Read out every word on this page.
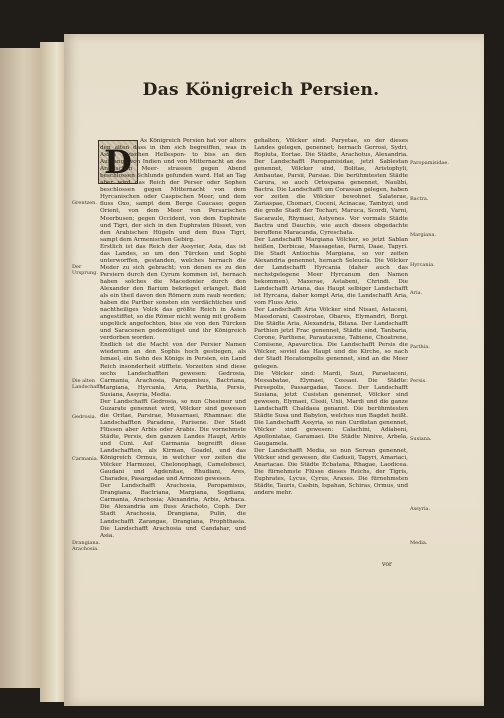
Das Königreich Persien.
D

As Königreich Persien hat vor alters den alten dass in ihm sich begreiffen, was in Asien zwischen Hellespon- to biss an den Aufgange von Indien und von Mitternacht an des Arabischen Meer- strassen gegen Abend beschlossen Schlunds gefunden ward. Hat an Tag aber wird das Reich der Perser oder Sophen beschlossen gegen Mitternacht von dem Hyrcanischen oder Caspischen Meer, und dem fluss Oxo, sampt dem Berge Caucaso; gegen Orient, von dem Meer von Persarischen Meerbusen; gegen Occident, von dem Euphrate und Tigri, der sich in den Euphraten flüsset, von den Arabischen Hügeln und dem fluss Tigri, sampt dem Armenischen Gebirg.

Erstlich ist das Reich der Assyrier, Asia, das ist das Landes, so um den Türcken und Sophi unterworffen, gestanden, welches hernach die Meder zu sich gebracht; von denen es zu den Persiern durch den Cyrum kommen ist, hernach haben solches die Macedonier durch den Alexander den Barium bekrieget erlanget. Bald als ein theil davon den Römern zum raub worden; haben die Parther sonsten ein verdächtiches und nachtheiliges Volck das größte Reich in Asien angestifftet, so die Römer nicht wenig mit großem ungelück angefochten, biss sie von den Türcken und Saracenen gedemütiget und ihr Königreich verdorben worden.

Endlich ist die Macht von der Persier Namen wiederum an den Sophis hoch gestiegen, als Ismael, ein Sohn des Königs in Persien, ein Land Reich insonderheit stifftete. Vorzeiten sind diese sechs Landschafften gewesen: Gedrosia, Carmania, Arachosia, Paropamisus, Bactriana, Margiana, Hyrcania, Aria, Parthia, Persis, Susiana, Assyria, Media.

Der Landschafft Gedrosia, so nun Chesimur und Guzarate genennet wird, Völcker sind gewesen die Oritae, Parsirae, Musarnaei, Rhamnae: die Landschafften Paradene, Parisene. Der Stadt Flüssen aber Arbis oder Arabis. Die vornehmste Städte, Persis, den ganzen Landes Haupt, Arbis und Cuni. Auf Carmania begreifft diese Landschafften, als Kirman, Goadel, und das Königreich Ormus, in welcher vor zeiten die Völcker Harmozei, Chelonophagi, Camelobosci, Gaudani und Agdenitae, Rhudiani, Ares, Charades, Pasargadae und Armozei gewesen.

Der Landschafft Arachosia, Paropamisus, Drangiana, Bactriana, Margiana, Sogdiana, Carmania, Arachosia; Alexandria, Arbis, Arbaca. Die Alexandria am fluss Arachoto, Coph. Der Stadt Arachosia, Drangiana, Pulin, die Landschafft Zarangae, Drangiana, Prophthasia. Die Landschafft Arachosia und Candahar, und Asia.

gehalten, Völcker sind: Paryetae, so der dieses Landes gelegen, genennet; hernach Gerrosi, Sydri, Ropluta, Eortae. Die Städte, Arachotus, Alexandria. Der Landschafft Paropamisidae, jetzt Sablestan genennet, Völcker sind, Bolitae, Aristophyli, Ambautae, Parsii, Parsiae. Die berühmtesten Städte Carura, so auch Ortospana genennet, Naulibi, Bactra. Die Landschafft um Corassan gelegen, haben vor zeiten die Völcker bewohnet Salaterae, Zariaspae, Chomari, Coceni, Acinacae, Tambyzi, und die große Stadt der Tochari, Maruca, Scordi, Varni, Sacaraule, Rhymaei, Astyenes. Vor vormals Städte Bactra und Dauchis, wie auch dieses obgedachte beruffene Maracanda, Cyreschata.

Der Landschafft Margiana Völcker, so jetzt Sablan heißen, Derbicae, Massagetae, Parni, Daae, Tapyri. Die Stadt Antiochia Margiana, so vor zeiten Alexandria genennet, hernach Seleucia. Die Völcker der Landschafft Hyrcania (daher auch das nechstgelegene Meer Hyrcanum den Namen bekommen), Maxerae, Astabeni, Chrindi. Die Landschafft Ariana, das Haupt selbiger Landschafft ist Hyrcana, daher kompt Aria, die Landschafft Aria, vom Fluss Ario.

Der Landschafft Aria Völcker sind Nisaei, Astaceni, Massdorani, Cassirotae, Obares, Elymandri, Borgi. Die Städte Aria, Alexandria, Bitaxa. Der Landschafft Parthien jetzt Frac genennet, Städte sind, Tanbaria, Corone, Parthene, Parautacene, Tabiene, Choatrene, Comisene, Apavarctica. Die Landschafft Persis die Völcker, soviel das Haupt und die Kirche, so nach der Stadt Hecatompolis genennet, sind an die Meer gelegen.

Die Völcker sind: Mardi, Suzi, Paraetaceni, Messabatae, Elymaei, Cossaei. Die Städte: Persepolis, Passargadae, Taoce. Der Landschafft Susiana, jetzt Cusistan genennet, Völcker sind gewesen, Elymaei, Cissii, Uxii, Mardi und die ganze Landschafft Chaldaea genannt. Die berühmtesten Städte Susa und Babylon, welches nun Bagdet heißt. Die Landschafft Assyria, so nun Curdistan genennet, Völcker sind gewesen: Calachini, Adiabeni, Apolloniatae, Garamaei. Die Städte Ninive, Arbela, Gaugamela.

Der Landschafft Media, so nun Servan genennet, Völcker sind gewesen, die Cadusii, Tapyri, Amariaci, Anariacae. Die Städte Ecbatana, Rhagae, Laodicea. Die fürnehmste Flüsse dieses Reichs, der Tigris, Euphrates, Lycus, Cyrus, Araxes. Die fürnehmsten Städte, Tauris, Casbin, Ispahan, Schiras, Ormus, und andere mehr.

Grentzen.
Der Ursprung.
Die alten Landschafft.
Gedrosia.
Carmania.
Drangiana. Arachosia.
Paropamisidae.
Bactra.
Margiana.
Hyrcania.
Aria.
Parthia.
Persis.
Susiana.
Assyria.
Media.
vor
